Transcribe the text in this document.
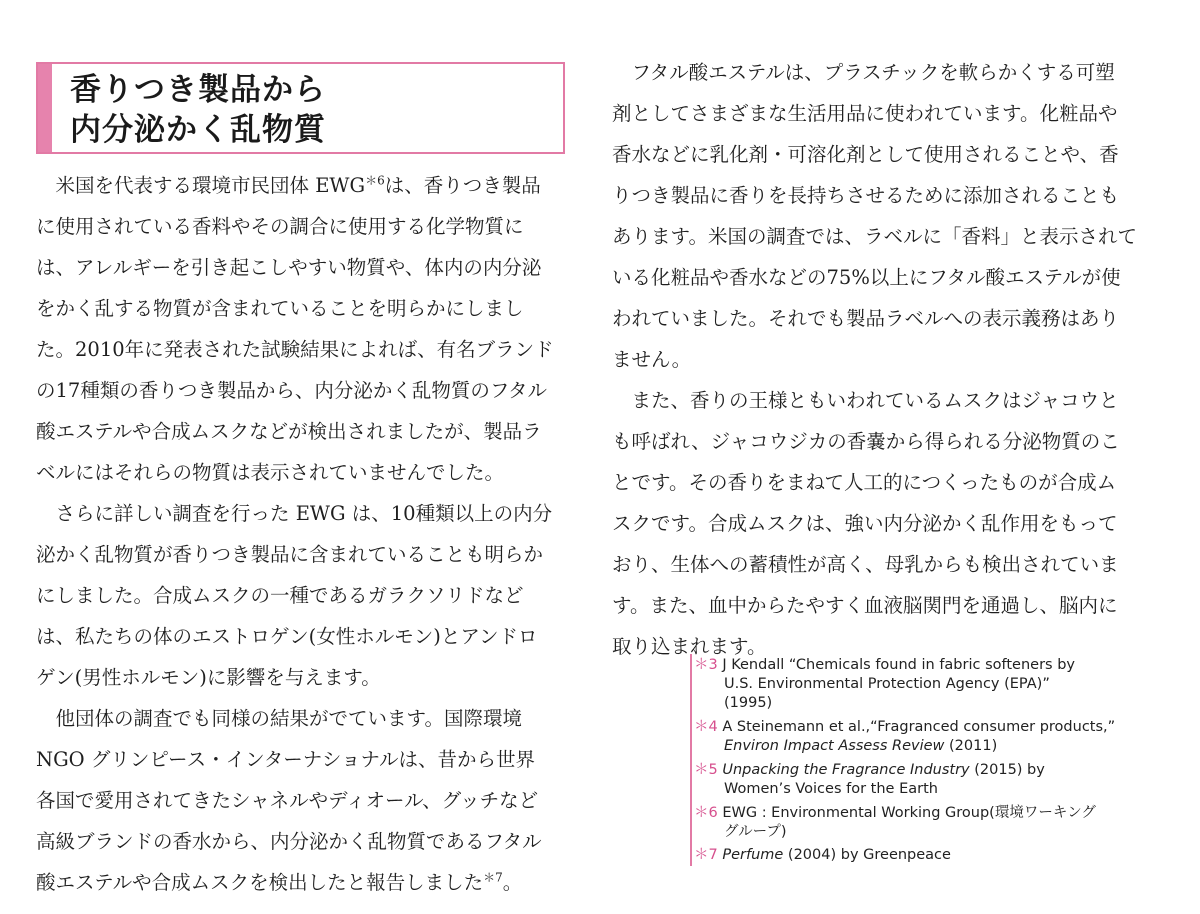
香りつき製品から
内分泌かく乱物質
　米国を代表する環境市民団体 $EWG^{*6}$は、香りつき製品
に使用されている香料やその調合に使用する化学物質に
は、アレルギーを引き起こしやすい物質や、体内の内分泌
をかく乱する物質が含まれていることを明らかにしまし
た。2010年に発表された試験結果によれば、有名ブランド
の17種類の香りつき製品から、内分泌かく乱物質のフタル
酸エステルや合成ムスクなどが検出されましたが、製品ラ
ベルにはそれらの物質は表示されていませんでした。
　さらに詳しい調査を行った EWG は、10種類以上の内分
泌かく乱物質が香りつき製品に含まれていることも明らか
にしました。合成ムスクの一種であるガラクソリドなど
は、私たちの体のエストロゲン(女性ホルモン)とアンドロ
ゲン(男性ホルモン)に影響を与えます。
　他団体の調査でも同様の結果がでています。国際環境
NGO グリンピース・インターナショナルは、昔から世界
各国で愛用されてきたシャネルやディオール、グッチなど
高級ブランドの香水から、内分泌かく乱物質であるフタル
酸エステルや合成ムスクを検出したと報告しました$^{*7}$。
　フタル酸エステルは、プラスチックを軟らかくする可塑
剤としてさまざまな生活用品に使われています。化粧品や
香水などに乳化剤・可溶化剤として使用されることや、香
りつき製品に香りを長持ちさせるために添加されることも
あります。米国の調査では、ラベルに「香料」と表示されて
いる化粧品や香水などの75%以上にフタル酸エステルが使
われていました。それでも製品ラベルへの表示義務はあり
ません。
　また、香りの王様ともいわれているムスクはジャコウと
も呼ばれ、ジャコウジカの香嚢から得られる分泌物質のこ
とです。その香りをまねて人工的につくったものが合成ム
スクです。合成ムスクは、強い内分泌かく乱作用をもって
おり、生体への蓄積性が高く、母乳からも検出されていま
す。また、血中からたやすく血液脳関門を通過し、脳内に
取り込まれます。
＊3 J Kendall “Chemicals found in fabric softeners by
U.S. Environmental Protection Agency (EPA)”
(1995)
＊4 A Steinemann et al.,“Fragranced consumer products,”
Environ Impact Assess Review (2011)
＊5 Unpacking the Fragrance Industry (2015) by
Women’s Voices for the Earth
＊6 EWG : Environmental Working Group(環境ワーキング
グループ)
＊7 Perfume (2004) by Greenpeace
